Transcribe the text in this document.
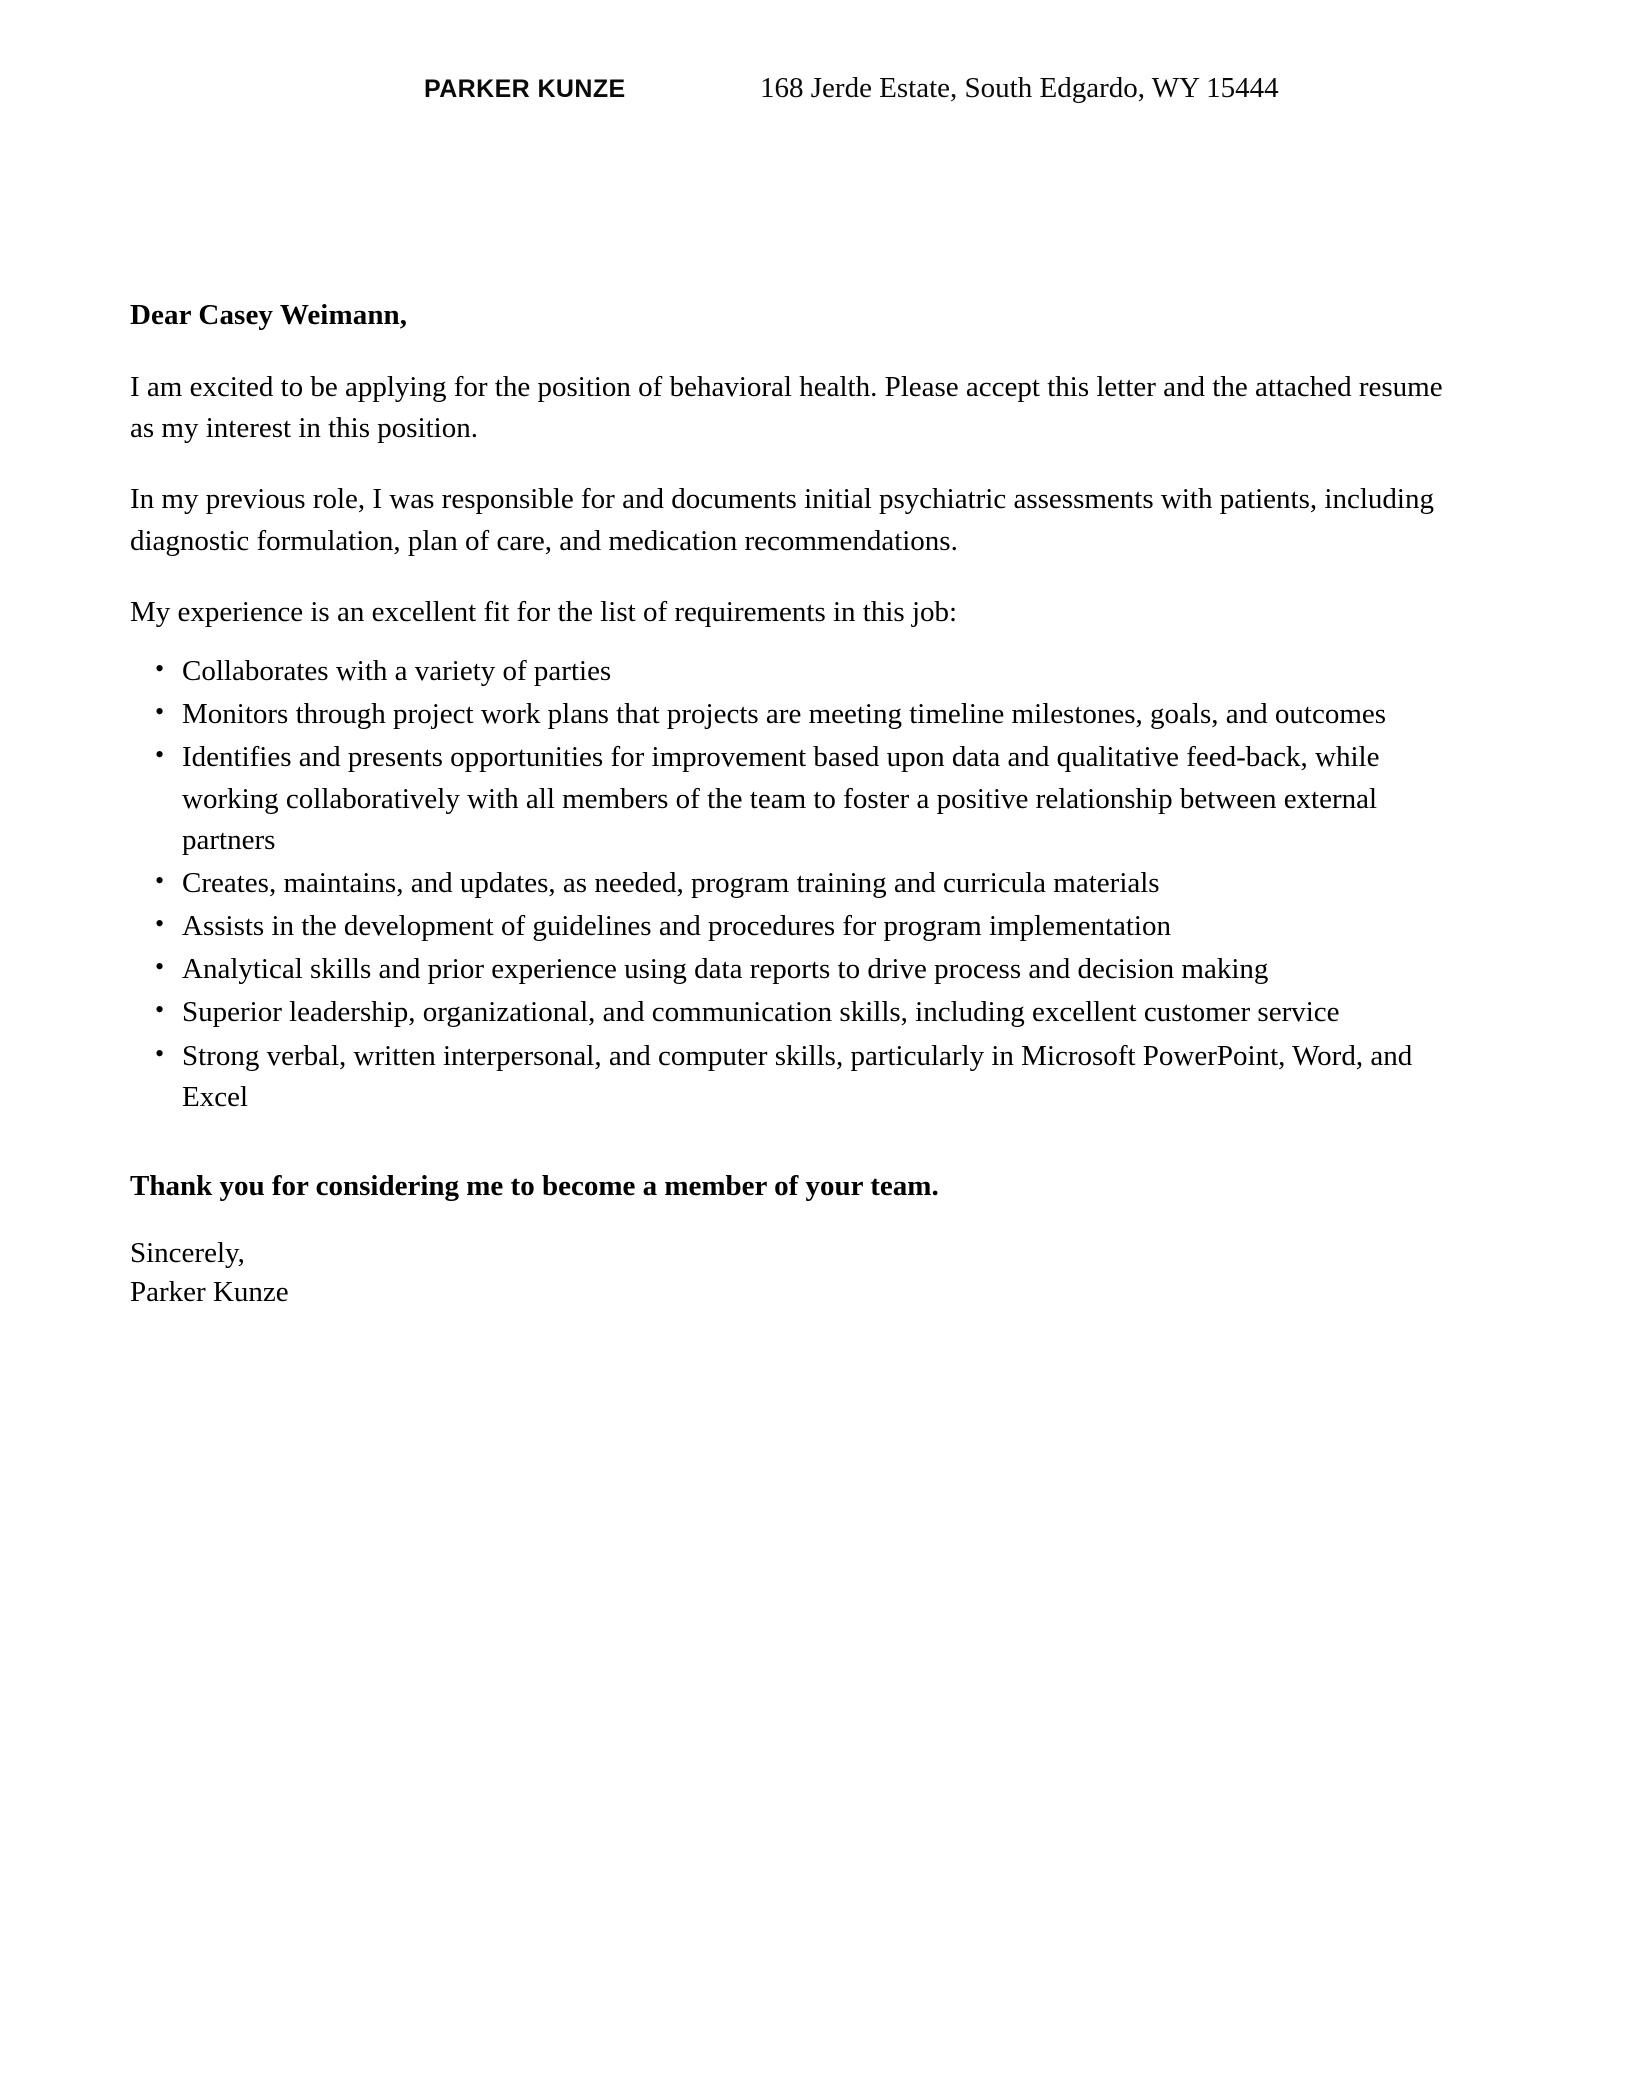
PARKER KUNZE	168 Jerde Estate, South Edgardo, WY 15444

Dear Casey Weimann,

I am excited to be applying for the position of behavioral health. Please accept this letter and the attached resume as my interest in this position.

In my previous role, I was responsible for and documents initial psychiatric assessments with patients, including diagnostic formulation, plan of care, and medication recommendations.

My experience is an excellent fit for the list of requirements in this job:

• Collaborates with a variety of parties
• Monitors through project work plans that projects are meeting timeline milestones, goals, and outcomes
• Identifies and presents opportunities for improvement based upon data and qualitative feed-back, while working collaboratively with all members of the team to foster a positive relationship between external partners
• Creates, maintains, and updates, as needed, program training and curricula materials
• Assists in the development of guidelines and procedures for program implementation
• Analytical skills and prior experience using data reports to drive process and decision making
• Superior leadership, organizational, and communication skills, including excellent customer service
• Strong verbal, written interpersonal, and computer skills, particularly in Microsoft PowerPoint, Word, and Excel

Thank you for considering me to become a member of your team.

Sincerely,
Parker Kunze
